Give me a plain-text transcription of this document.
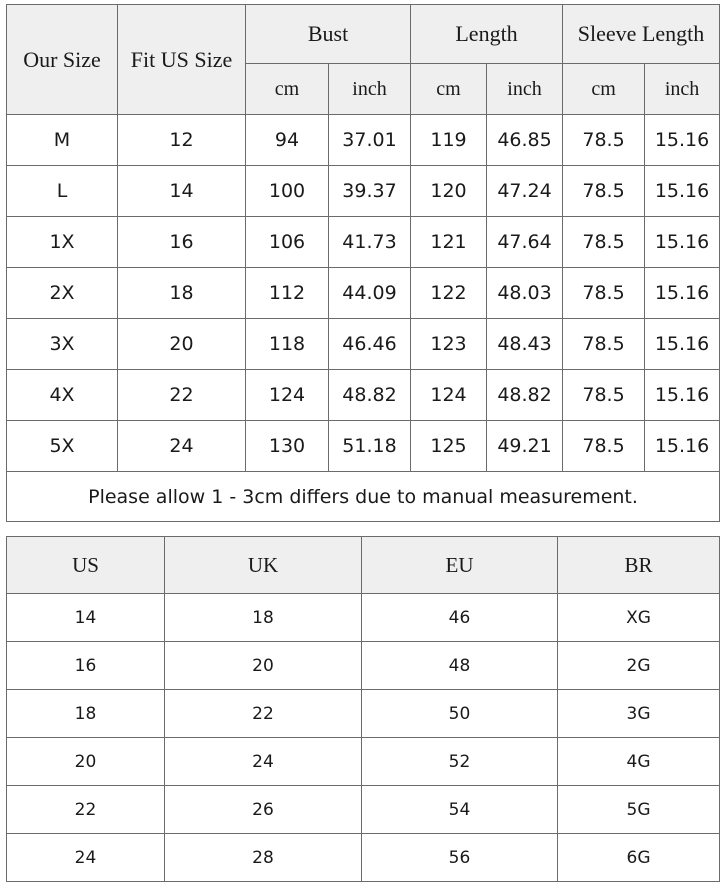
Our Size	Fit US Size	Bust		Length		Sleeve Length	
		cm	inch	cm	inch	cm	inch
M	12	94	37.01	119	46.85	78.5	15.16
L	14	100	39.37	120	47.24	78.5	15.16
1X	16	106	41.73	121	47.64	78.5	15.16
2X	18	112	44.09	122	48.03	78.5	15.16
3X	20	118	46.46	123	48.43	78.5	15.16
4X	22	124	48.82	124	48.82	78.5	15.16
5X	24	130	51.18	125	49.21	78.5	15.16
Please allow 1 - 3cm differs due to manual measurement.							
US	UK	EU	BR
14	18	46	XG
16	20	48	2G
18	22	50	3G
20	24	52	4G
22	26	54	5G
24	28	56	6G
